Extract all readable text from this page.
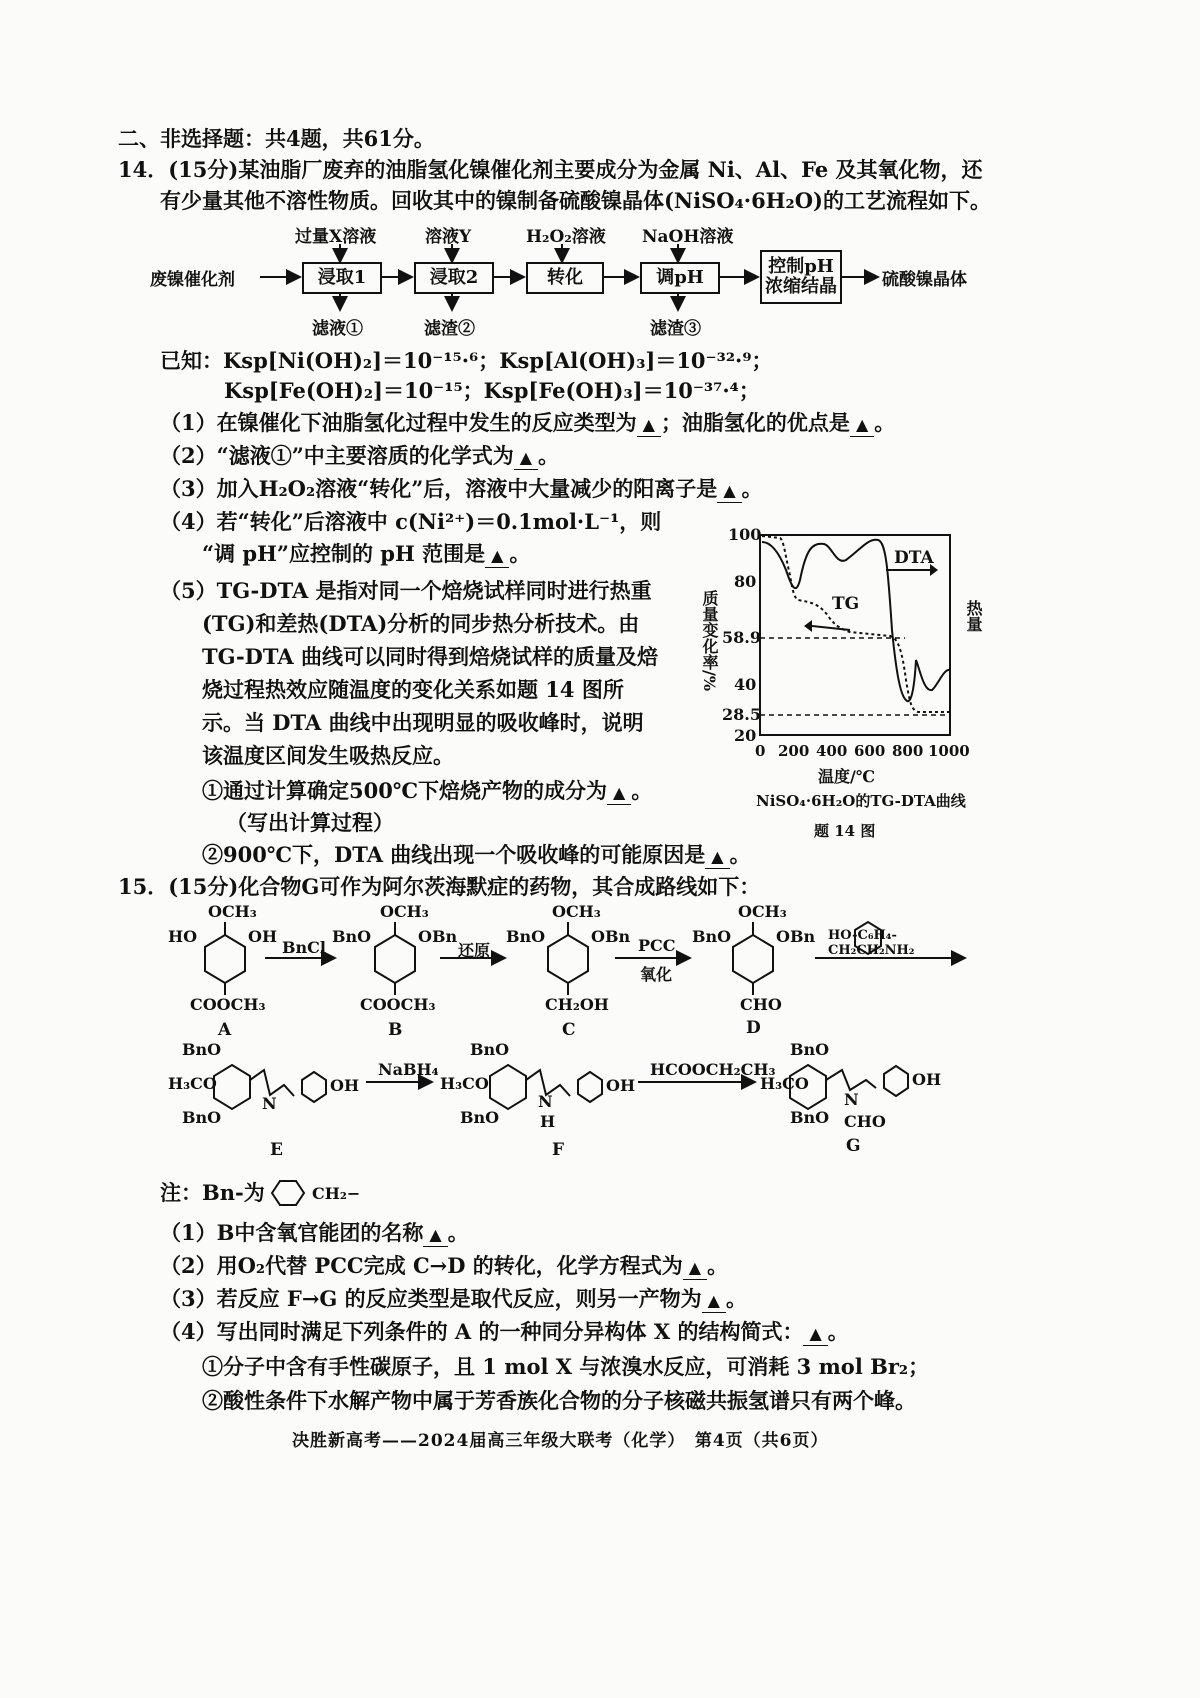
二、非选择题：共4题，共61分。
14．(15分)某油脂厂废弃的油脂氢化镍催化剂主要成分为金属 Ni、Al、Fe 及其氧化物，还
有少量其他不溶性物质。回收其中的镍制备硫酸镍晶体(NiSO₄·6H₂O)的工艺流程如下。
废镍催化剂
过量X溶液	溶液Y	H₂O₂溶液 NaOH溶液
浸取1	浸取2	转化	调pH
控制pH
浓缩结晶	硫酸镍晶体
滤液①	滤渣②	滤渣③
已知：Ksp[Ni(OH)₂]＝10⁻¹⁵·⁶；Ksp[Al(OH)₃]＝10⁻³²·⁹；
Ksp[Fe(OH)₂]＝10⁻¹⁵；Ksp[Fe(OH)₃]＝10⁻³⁷·⁴；
（1）在镍催化下油脂氢化过程中发生的反应类型为 ▲ ；油脂氢化的优点是 ▲ 。
（2）“滤液①”中主要溶质的化学式为 ▲ 。
（3）加入H₂O₂溶液“转化”后，溶液中大量减少的阳离子是 ▲ 。
（4）若“转化”后溶液中 c(Ni²⁺)＝0.1mol·L⁻¹，则
“调 pH”应控制的 pH 范围是 ▲ 。
（5）TG-DTA 是指对同一个焙烧试样同时进行热重
(TG)和差热(DTA)分析的同步热分析技术。由
TG-DTA 曲线可以同时得到焙烧试样的质量及焙
烧过程热效应随温度的变化关系如题 14 图所
示。当 DTA 曲线中出现明显的吸收峰时，说明
该温度区间发生吸热反应。
①通过计算确定500℃下焙烧产物的成分为 ▲ 。
（写出计算过程）
②900℃下，DTA 曲线出现一个吸收峰的可能原因是 ▲ 。
DTA
TG
100
80
58.9
40
28.5
20
0 200 400 600 800 1000
质量变化率/%	热量
温度/℃
NiSO₄·6H₂O的TG-DTA曲线
题 14 图
15．(15分)化合物G可作为阿尔茨海默症的药物，其合成路线如下：
OCH₃
HO	OH
COOCH₃
A
BnCl
OCH₃
BnO	OBn
COOCH₃
B
还原
OCH₃
BnO	OBn
CH₂OH
C
PCC
氧化
OCH₃
BnO	OBn
CHO
D
HO-C₆H₄-CH₂CH₂NH₂
BnO
H₃CO
BnO
N
OH
E
NaBH₄
BnO
H₃CO
BnO
N
H
OH
F
HCOOCH₂CH₃
BnO
H₃CO
BnO
N
CHO
OH
G
注：Bn-为	CH₂−
（1）B中含氧官能团的名称 ▲ 。
（2）用O₂代替 PCC完成 C→D 的转化，化学方程式为 ▲ 。
（3）若反应 F→G 的反应类型是取代反应，则另一产物为 ▲ 。
（4）写出同时满足下列条件的 A 的一种同分异构体 X 的结构简式： ▲ 。
①分子中含有手性碳原子，且 1 mol X 与浓溴水反应，可消耗 3 mol Br₂；
②酸性条件下水解产物中属于芳香族化合物的分子核磁共振氢谱只有两个峰。
决胜新高考——2024届高三年级大联考（化学）　第4页（共6页）
